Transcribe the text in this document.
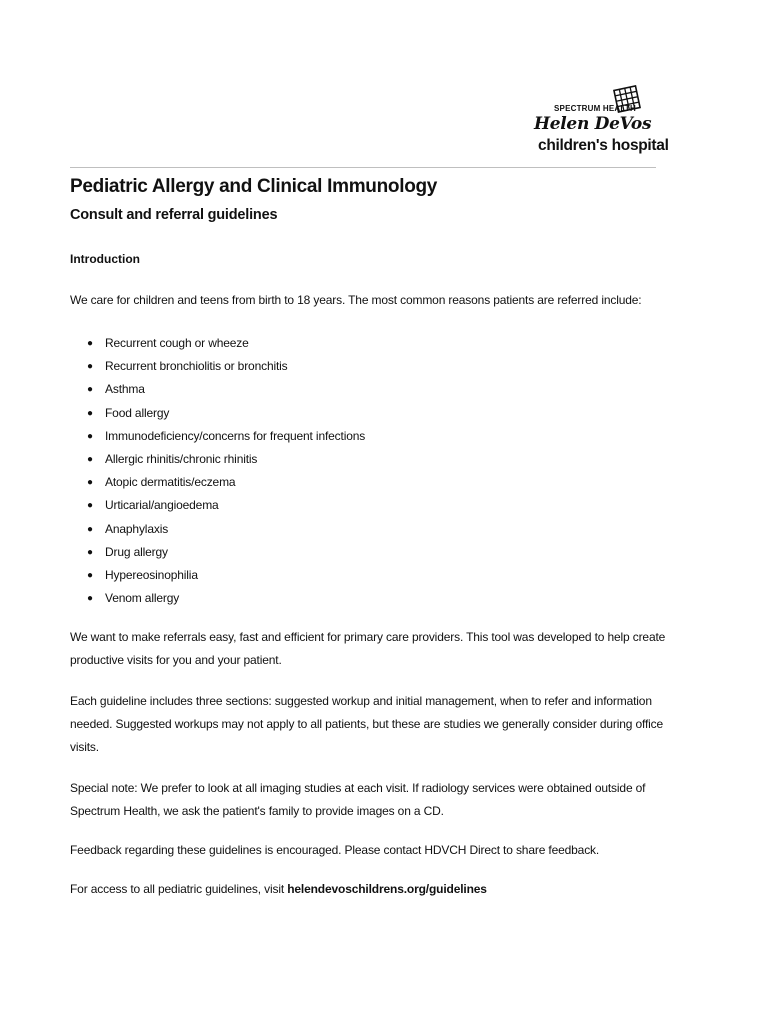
SPECTRUM HEALTH
Helen DeVos
children's hospital
Pediatric Allergy and Clinical Immunology
Consult and referral guidelines
Introduction

We care for children and teens from birth to 18 years. The most common reasons patients are referred include:

● Recurrent cough or wheeze
● Recurrent bronchiolitis or bronchitis
● Asthma
● Food allergy
● Immunodeficiency/concerns for frequent infections
● Allergic rhinitis/chronic rhinitis
● Atopic dermatitis/eczema
● Urticarial/angioedema
● Anaphylaxis
● Drug allergy
● Hypereosinophilia
● Venom allergy

We want to make referrals easy, fast and efficient for primary care providers. This tool was developed to help create productive visits for you and your patient.

Each guideline includes three sections: suggested workup and initial management, when to refer and information needed. Suggested workups may not apply to all patients, but these are studies we generally consider during office visits.

Special note: We prefer to look at all imaging studies at each visit. If radiology services were obtained outside of Spectrum Health, we ask the patient's family to provide images on a CD.

Feedback regarding these guidelines is encouraged. Please contact HDVCH Direct to share feedback.

For access to all pediatric guidelines, visit helendevoschildrens.org/guidelines
